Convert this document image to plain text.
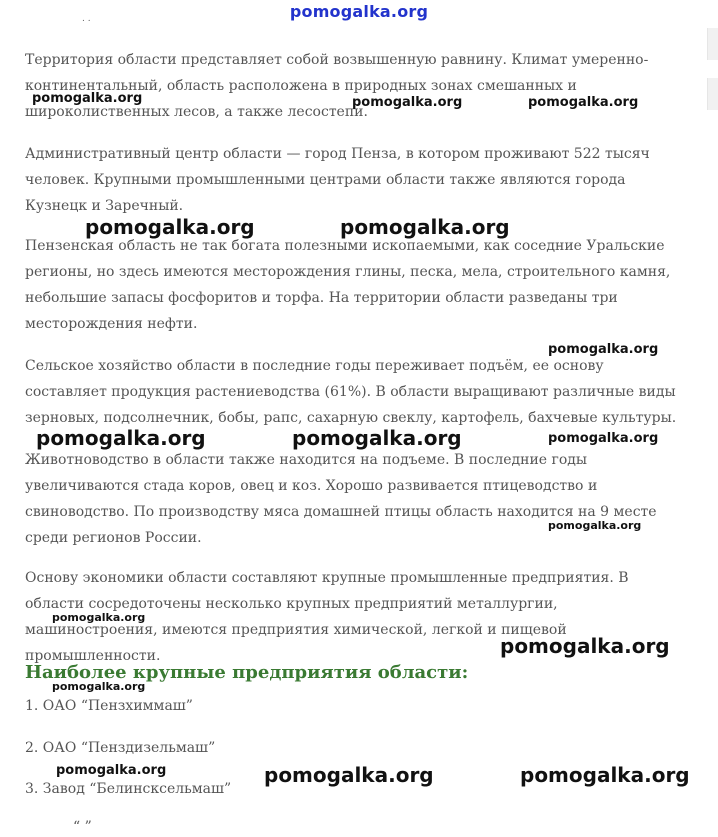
pomogalka.org
. .

Территория области представляет собой возвышенную равнину. Климат умеренно-континентальный, область расположена в природных зонах смешанных и широколиственных лесов, а также лесостепи.

Административный центр области — город Пенза, в котором проживают 522 тысяч человек. Крупными промышленными центрами области также являются города Кузнецк и Заречный.

Пензенская область не так богата полезными ископаемыми, как соседние Уральские регионы, но здесь имеются месторождения глины, песка, мела, строительного камня, небольшие запасы фосфоритов и торфа. На территории области разведаны три месторождения нефти.

Сельское хозяйство области в последние годы переживает подъём, ее основу составляет продукция растениеводства (61%). В области выращивают различные виды зерновых, подсолнечник, бобы, рапс, сахарную свеклу, картофель, бахчевые культуры.

Животноводство в области также находится на подъеме. В последние годы увеличиваются стада коров, овец и коз. Хорошо развивается птицеводство и свиноводство. По производству мяса домашней птицы область находится на 9 месте среди регионов России.

Основу экономики области составляют крупные промышленные предприятия. В области сосредоточены несколько крупных предприятий металлургии, машиностроения, имеются предприятия химической, легкой и пищевой промышленности.

Наиболее крупные предприятия области:

1. ОАО “Пензхиммаш”

2. ОАО “Пенздизельмаш”

3. Завод “Белинсксельмаш”

“ ”

pomogalka.org	pomogalka.org	pomogalka.org
pomogalka.org	pomogalka.org
pomogalka.org
pomogalka.org	pomogalka.org	pomogalka.org
pomogalka.org
pomogalka.org
pomogalka.org
pomogalka.org
pomogalka.org	pomogalka.org	pomogalka.org
